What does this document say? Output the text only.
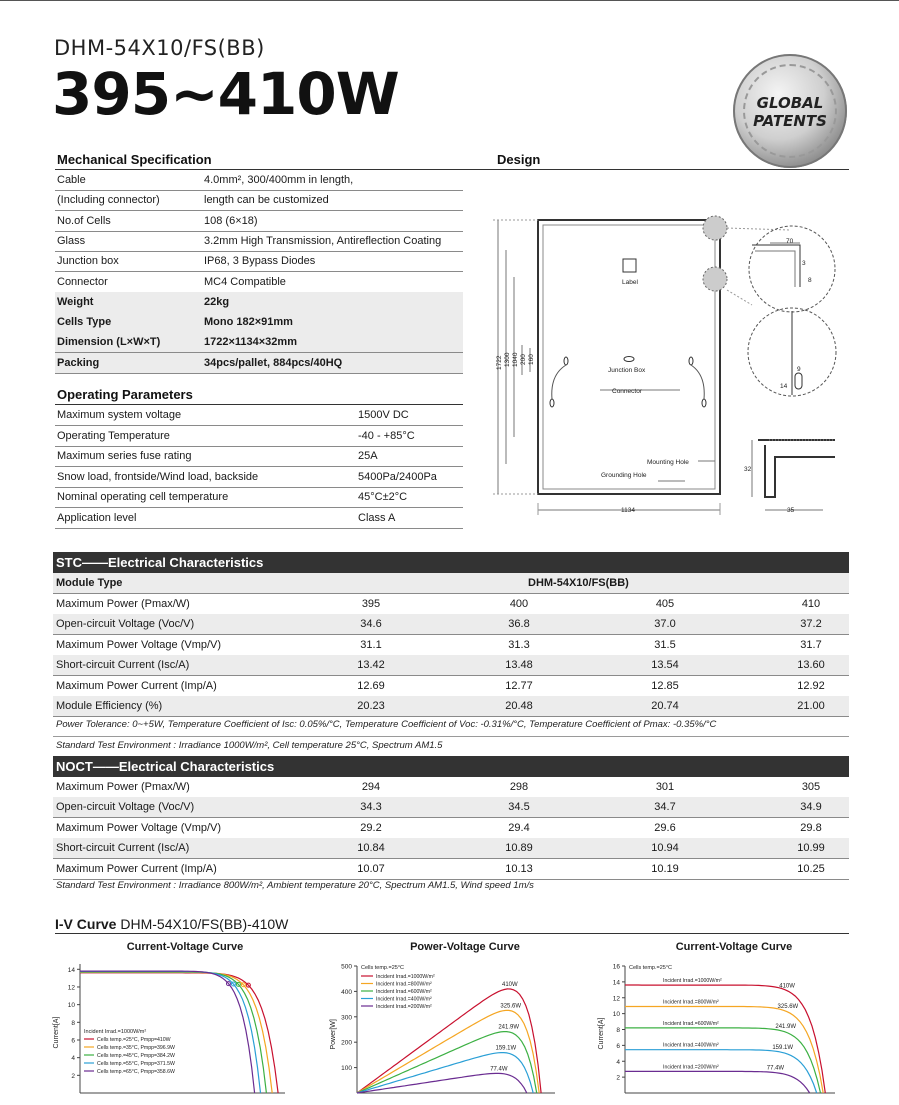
DHM-54X10/FS(BB)
395~410W	GLOBAL
PATENTS
Mechanical Specification	Design
Cable	4.0mm², 300/400mm in length,
(Including connector)	length can be customized
No.of Cells	108 (6×18)
Glass	3.2mm High Transmission, Antireflection Coating
Junction box	IP68, 3 Bypass Diodes
Connector	MC4 Compatible
Weight	22kg
Cells Type	Mono 182×91mm
Dimension (L×W×T)	1722×1134×32mm
Packing	34pcs/pallet, 884pcs/40HQ
Operating Parameters
Maximum system voltage	1500V DC
Operating Temperature	-40 - +85°C
Maximum series fuse rating	25A
Snow load, frontside/Wind load, backside	5400Pa/2400Pa
Nominal operating cell temperature	45°C±2°C
Application level	Class A
Label
Junction Box
Connector
Mounting Hole
Grounding Hole
1134
70
3
8
9
14
32
35
1722 1300 1040 200 160
STC——Electrical Characteristics
Module Type	DHM-54X10/FS(BB)
Maximum Power (Pmax/W)	395	400	405	410
Open-circuit Voltage (Voc/V)	34.6	36.8	37.0	37.2
Maximum Power Voltage (Vmp/V)	31.1	31.3	31.5	31.7
Short-circuit Current (Isc/A)	13.42	13.48	13.54	13.60
Maximum Power Current (Imp/A)	12.69	12.77	12.85	12.92
Module Efficiency (%)	20.23	20.48	20.74	21.00
Power Tolerance: 0~+5W, Temperature Coefficient of Isc: 0.05%/°C, Temperature Coefficient of Voc: -0.31%/°C, Temperature Coefficient of Pmax: -0.35%/°C
Standard Test Environment : Irradiance 1000W/m², Cell temperature 25°C, Spectrum AM1.5
NOCT——Electrical Characteristics
Maximum Power (Pmax/W)	294	298	301	305
Open-circuit Voltage (Voc/V)	34.3	34.5	34.7	34.9
Maximum Power Voltage (Vmp/V)	29.2	29.4	29.6	29.8
Short-circuit Current (Isc/A)	10.84	10.89	10.94	10.99
Maximum Power Current (Imp/A)	10.07	10.13	10.19	10.25
Standard Test Environment : Irradiance 800W/m², Ambient temperature 20°C, Spectrum AM1.5, Wind speed 1m/s
I-V Curve DHM-54X10/FS(BB)-410W
Current-Voltage Curve	Power-Voltage Curve	Current-Voltage Curve
2
4
6
8
10
12
14
Current[A]	Incident Irrad.=1000W/m²
Cells temp.=25°C, Pmpp=410W
Cells temp.=35°C, Pmpp=396.9W
Cells temp.=45°C, Pmpp=384.2W
Cells temp.=55°C, Pmpp=371.5W
Cells temp.=65°C, Pmpp=358.6W	100
200
300
400
500
Power[W]
410W
325.6W
241.9W
159.1W
77.4W
Cells temp.=25°C
Incident Irrad.=1000W/m²
Incident Irrad.=800W/m²
Incident Irrad.=600W/m²
Incident Irrad.=400W/m²
Incident Irrad.=200W/m²
2
4
6
8
10
12
14
16
Current[A]
Incident Irrad.=1000W/m²
410W
Incident Irrad.=800W/m²
325.6W
Incident Irrad.=600W/m²
241.9W
Incident Irrad.=400W/m²	159.1W
Incident Irrad.=200W/m²	77.4W
Cells temp.=25°C
